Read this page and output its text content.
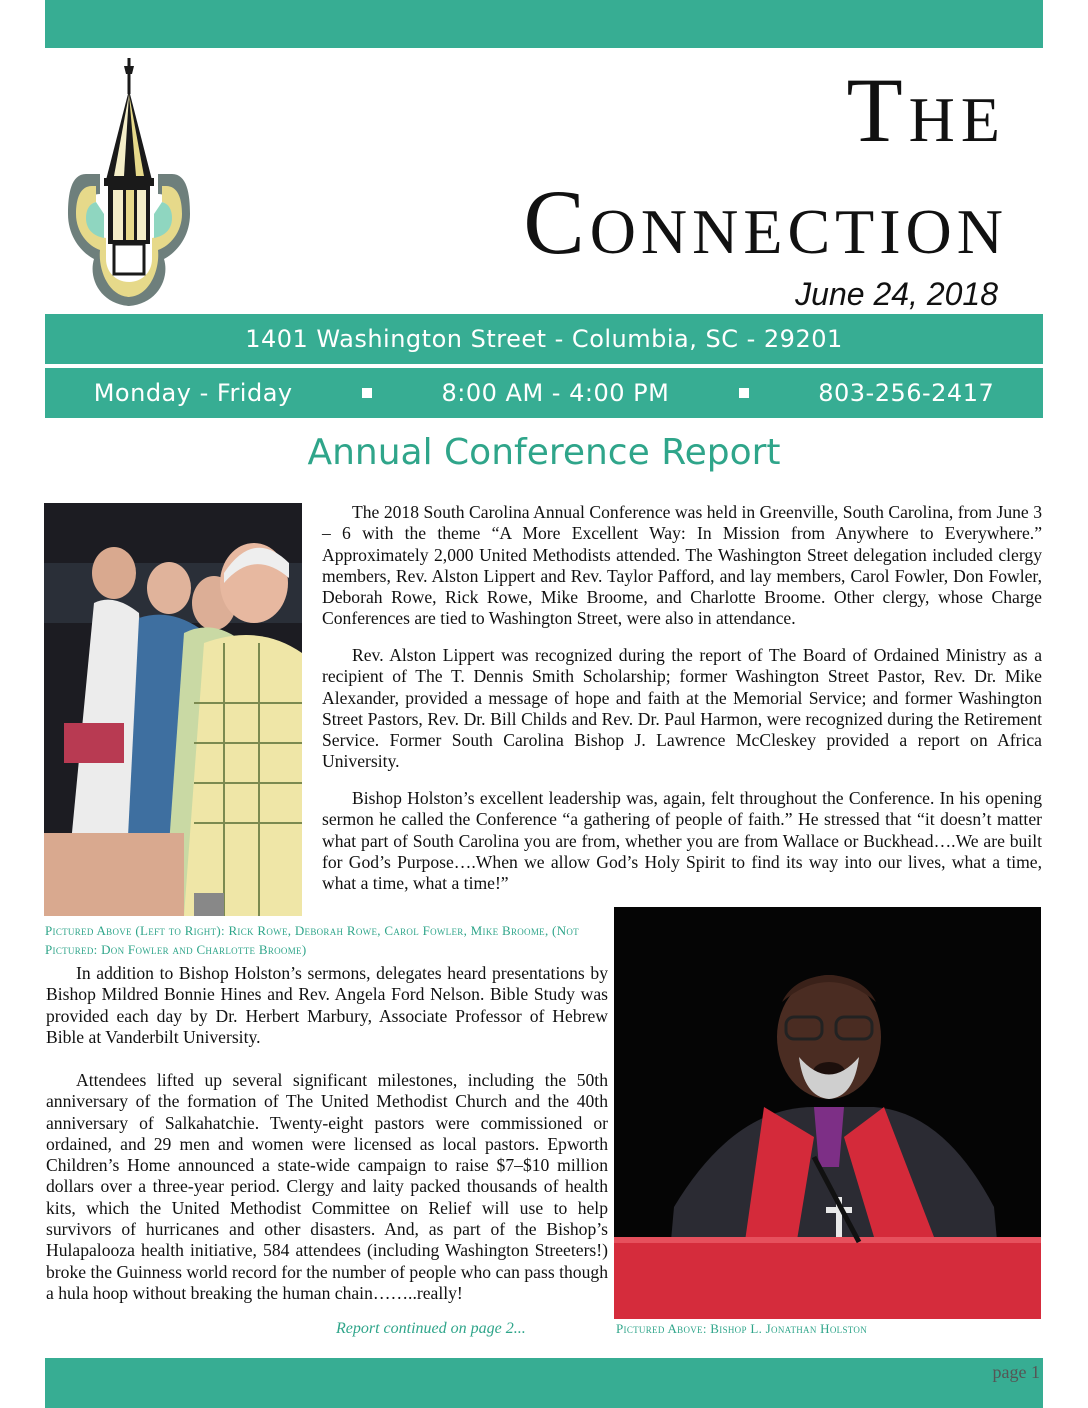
The
Connection
June 24, 2018
1401 Washington Street - Columbia, SC - 29201
Monday - Friday	8:00 AM - 4:00 PM	803-256-2417
Annual Conference Report

The 2018 South Carolina Annual Conference was held in Greenville, South Carolina, from June 3 – 6 with the theme “A More Excellent Way: In Mission from Anywhere to Everywhere.” Approximately 2,000 United Methodists attended. The Washington Street delegation included clergy members, Rev. Alston Lippert and Rev. Taylor Pafford, and lay members, Carol Fowler, Don Fowler, Deborah Rowe, Rick Rowe, Mike Broome, and Charlotte Broome. Other clergy, whose Charge Conferences are tied to Washington Street, were also in attendance.

Rev. Alston Lippert was recognized during the report of The Board of Ordained Ministry as a recipient of The T. Dennis Smith Scholarship; former Washington Street Pastor, Rev. Dr. Mike Alexander, provided a message of hope and faith at the Memorial Service; and former Washington Street Pastors, Rev. Dr. Bill Childs and Rev. Dr. Paul Harmon, were recognized during the Retirement Service. Former South Carolina Bishop J. Lawrence McCleskey provided a report on Africa University.

Bishop Holston’s excellent leadership was, again, felt throughout the Conference. In his opening sermon he called the Conference “a gathering of people of faith.” He stressed that “it doesn’t matter what part of South Carolina you are from, whether you are from Wallace or Buckhead….We are built for God’s Purpose….When we allow God’s Holy Spirit to find its way into our lives, what a time, what a time, what a time!”

Pictured Above (Left to Right): Rick Rowe, Deborah Rowe, Carol Fowler, Mike Broome, (Not Pictured: Don Fowler and Charlotte Broome)

In addition to Bishop Holston’s sermons, delegates heard presentations by Bishop Mildred Bonnie Hines and Rev. Angela Ford Nelson. Bible Study was provided each day by Dr. Herbert Marbury, Associate Professor of Hebrew Bible at Vanderbilt University.

Attendees lifted up several significant milestones, including the 50th anniversary of the formation of The United Methodist Church and the 40th anniversary of Salkahatchie. Twenty-eight pastors were commissioned or ordained, and 29 men and women were licensed as local pastors. Epworth Children’s Home announced a state-wide campaign to raise $7–$10 million dollars over a three-year period. Clergy and laity packed thousands of health kits, which the United Methodist Committee on Relief will use to help survivors of hurricanes and other disasters. And, as part of the Bishop’s Hulapalooza health initiative, 584 attendees (including Washington Streeters!) broke the Guinness world record for the number of people who can pass though a hula hoop without breaking the human chain……..really!

Report continued on page 2...	Pictured Above: Bishop L. Jonathan Holston
page 1
